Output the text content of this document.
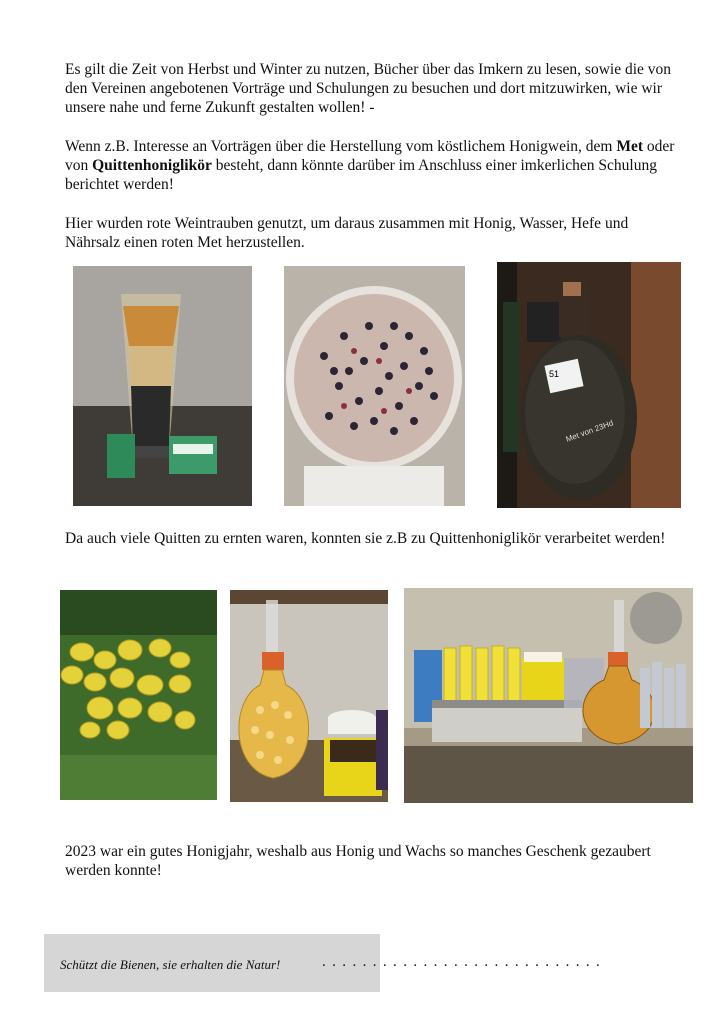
Es gilt die Zeit von Herbst und Winter zu nutzen, Bücher über das Imkern zu lesen, sowie die von den Vereinen angebotenen Vorträge und Schulungen zu besuchen und dort mitzuwirken, wie wir unsere nahe und ferne Zukunft gestalten wollen! -

Wenn z.B. Interesse an Vorträgen über die Herstellung vom köstlichem Honigwein, dem Met oder von Quittenhoniglikör besteht, dann könnte darüber im Anschluss einer imkerlichen Schulung berichtet werden!

Hier wurden rote Weintrauben genutzt, um daraus zusammen mit Honig, Wasser, Hefe und Nährsalz einen roten Met herzustellen.

51
Met von 23Hd

Da auch viele Quitten zu ernten waren, konnten sie z.B zu Quittenhoniglikör verarbeitet werden!

2023 war ein gutes Honigjahr, weshalb aus Honig und Wachs so manches Geschenk gezaubert werden konnte!

Schützt die Bienen, sie erhalten die Natur!	............................
